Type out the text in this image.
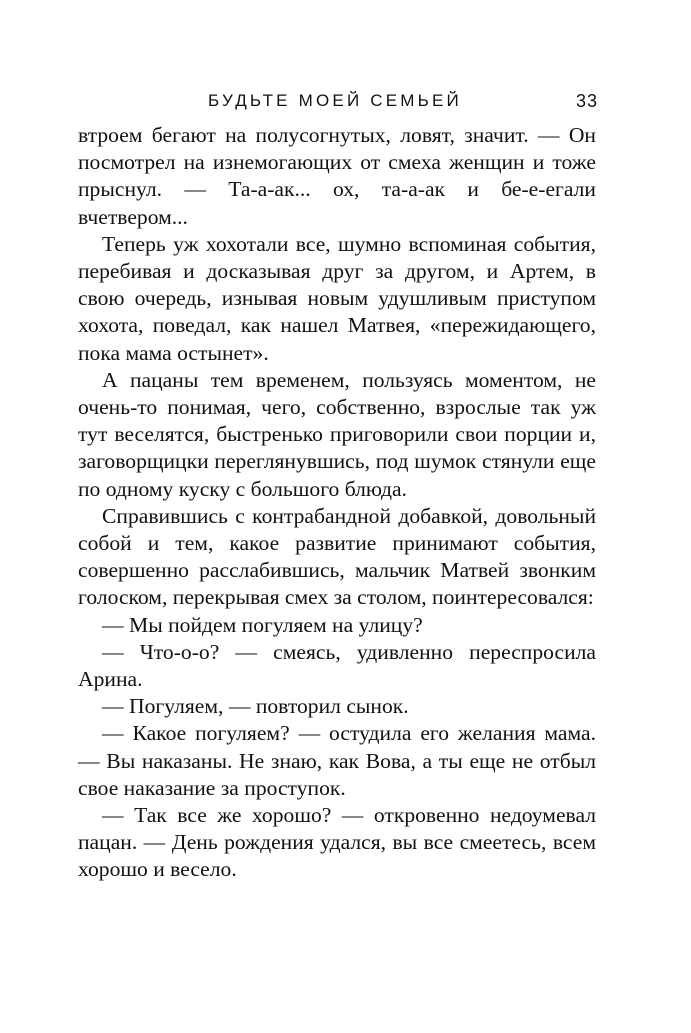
БУДЬТЕ МОЕЙ СЕМЬЕЙ	33

втроем бегают на полусогнутых, ловят, значит. — Он посмотрел на изнемогающих от смеха женщин и тоже прыснул. — Та-а-ак... ох, та-а-ак и бе-е-егали вчетвером...

Теперь уж хохотали все, шумно вспоминая события, перебивая и досказывая друг за другом, и Артем, в свою очередь, изнывая новым удушливым приступом хохота, поведал, как нашел Матвея, «пережидающего, пока мама остынет».

А пацаны тем временем, пользуясь моментом, не очень-то понимая, чего, собственно, взрослые так уж тут веселятся, быстренько приговорили свои порции и, заговорщицки переглянувшись, под шумок стянули еще по одному куску с большого блюда.

Справившись с контрабандной добавкой, довольный собой и тем, какое развитие принимают события, совершенно расслабившись, мальчик Матвей звонким голоском, перекрывая смех за столом, поинтересовался:

— Мы пойдем погуляем на улицу?

— Что-о-о? — смеясь, удивленно переспросила Арина.

— Погуляем, — повторил сынок.

— Какое погуляем? — остудила его желания мама. — Вы наказаны. Не знаю, как Вова, а ты еще не отбыл свое наказание за проступок.

— Так все же хорошо? — откровенно недоумевал пацан. — День рождения удался, вы все смеетесь, всем хорошо и весело.
